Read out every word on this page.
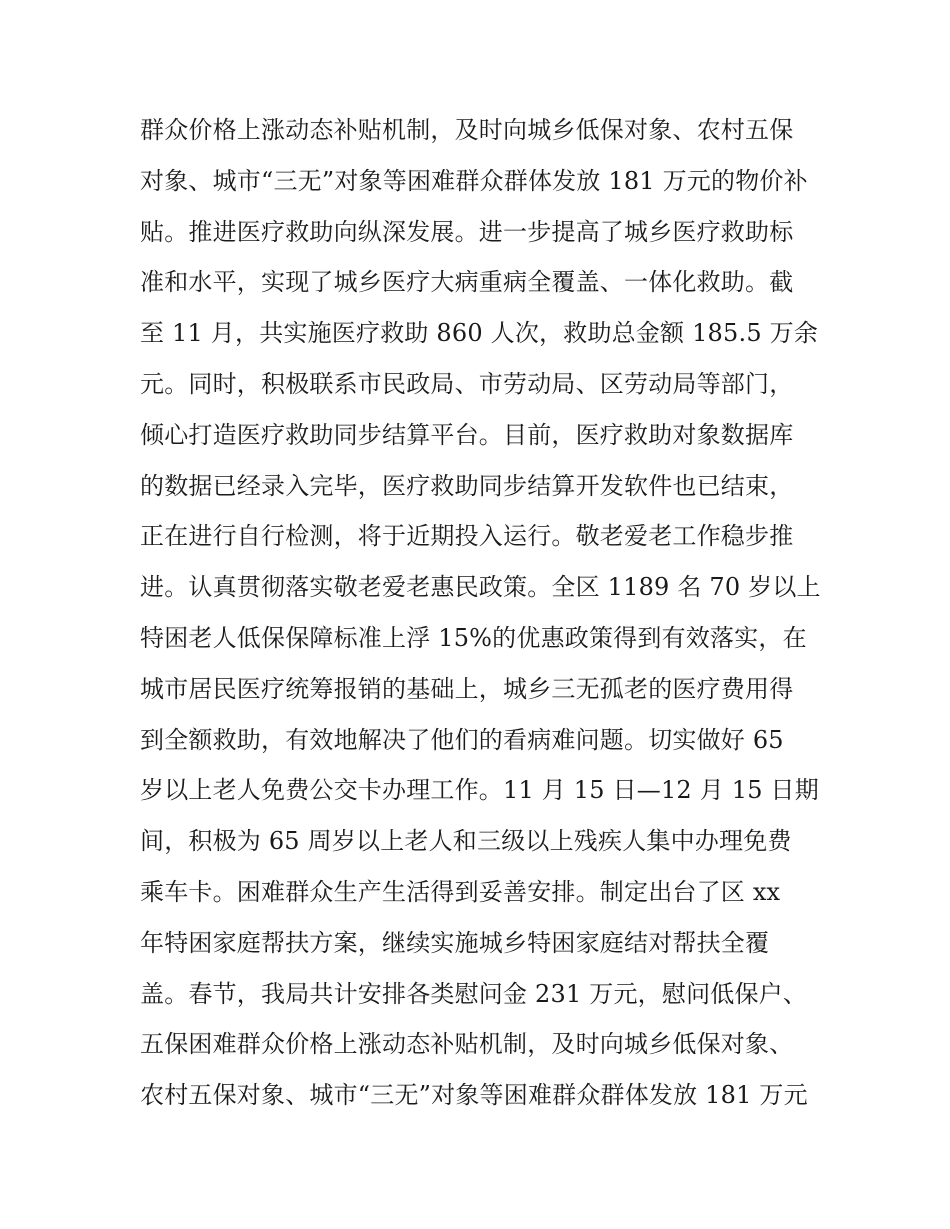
群众价格上涨动态补贴机制，及时向城乡低保对象、农村五保
对象、城市“三无”对象等困难群众群体发放 181 万元的物价补
贴。推进医疗救助向纵深发展。进一步提高了城乡医疗救助标
准和水平，实现了城乡医疗大病重病全覆盖、一体化救助。截
至 11 月，共实施医疗救助 860 人次，救助总金额 185.5 万余
元。同时，积极联系市民政局、市劳动局、区劳动局等部门，
倾心打造医疗救助同步结算平台。目前，医疗救助对象数据库
的数据已经录入完毕，医疗救助同步结算开发软件也已结束，
正在进行自行检测，将于近期投入运行。敬老爱老工作稳步推
进。认真贯彻落实敬老爱老惠民政策。全区 1189 名 70 岁以上
特困老人低保保障标准上浮 15%的优惠政策得到有效落实，在
城市居民医疗统筹报销的基础上，城乡三无孤老的医疗费用得
到全额救助，有效地解决了他们的看病难问题。切实做好 65
岁以上老人免费公交卡办理工作。11 月 15 日—12 月 15 日期
间，积极为 65 周岁以上老人和三级以上残疾人集中办理免费
乘车卡。困难群众生产生活得到妥善安排。制定出台了区 xx
年特困家庭帮扶方案，继续实施城乡特困家庭结对帮扶全覆
盖。春节，我局共计安排各类慰问金 231 万元，慰问低保户、
五保困难群众价格上涨动态补贴机制，及时向城乡低保对象、
农村五保对象、城市“三无”对象等困难群众群体发放 181 万元
